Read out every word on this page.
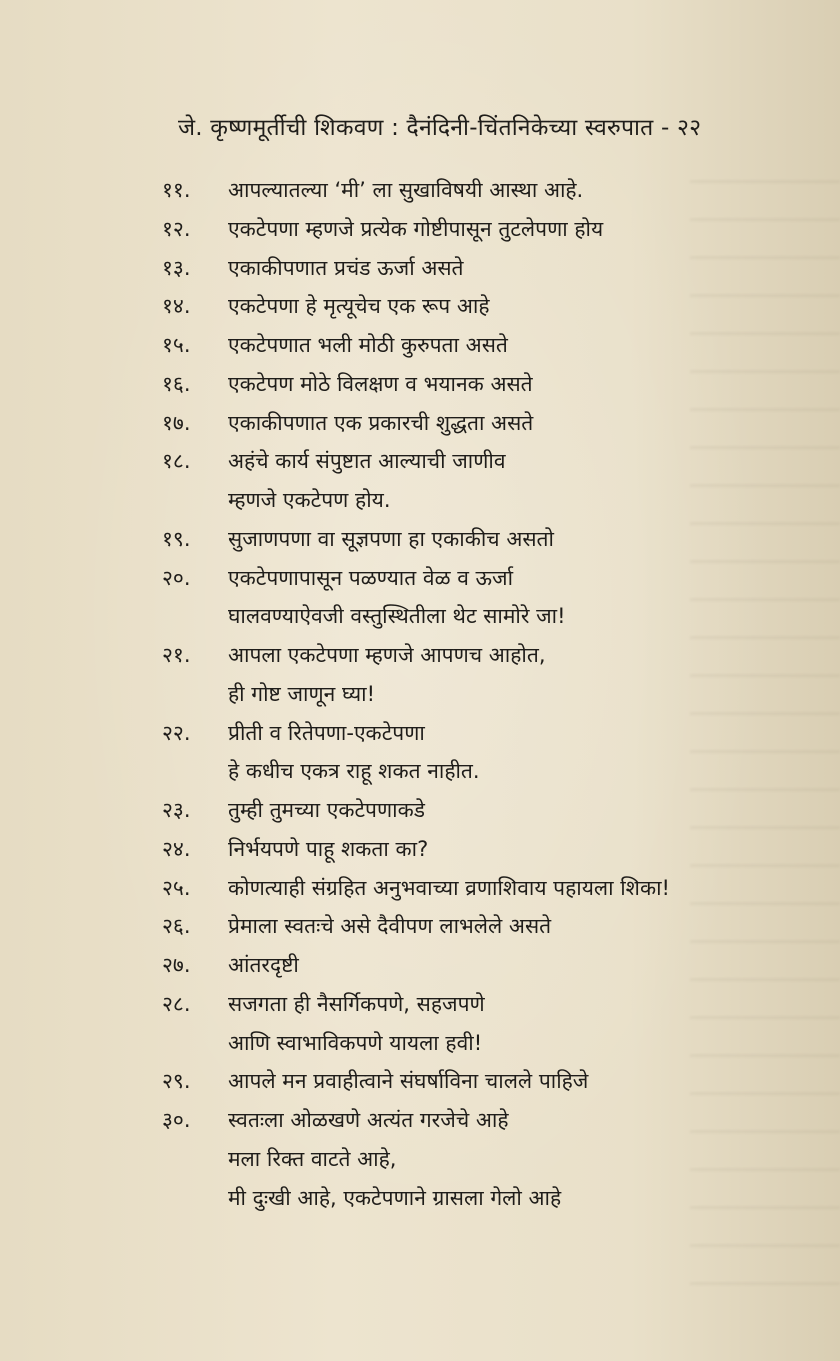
जे. कृष्णमूर्तीची शिकवण : दैनंदिनी-चिंतनिकेच्या स्वरुपात - २२
११. आपल्यातल्या ‘मी’ ला सुखाविषयी आस्था आहे.
१२. एकटेपणा म्हणजे प्रत्येक गोष्टीपासून तुटलेपणा होय
१३. एकाकीपणात प्रचंड ऊर्जा असते
१४. एकटेपणा हे मृत्यूचेच एक रूप आहे
१५. एकटेपणात भली मोठी कुरुपता असते
१६. एकटेपण मोठे विलक्षण व भयानक असते
१७. एकाकीपणात एक प्रकारची शुद्धता असते
१८. अहंचे कार्य संपुष्टात आल्याची जाणीव
म्हणजे एकटेपण होय.
१९. सुजाणपणा वा सूज्ञपणा हा एकाकीच असतो
२०. एकटेपणापासून पळण्यात वेळ व ऊर्जा
घालवण्याऐवजी वस्तुस्थितीला थेट सामोरे जा!
२१. आपला एकटेपणा म्हणजे आपणच आहोत,
ही गोष्ट जाणून घ्या!
२२. प्रीती व रितेपणा-एकटेपणा
हे कधीच एकत्र राहू शकत नाहीत.
२३. तुम्ही तुमच्या एकटेपणाकडे
२४. निर्भयपणे पाहू शकता का?
२५. कोणत्याही संग्रहित अनुभवाच्या व्रणाशिवाय पहायला शिका!
२६. प्रेमाला स्वतःचे असे दैवीपण लाभलेले असते
२७. आंतरदृष्टी
२८. सजगता ही नैसर्गिकपणे, सहजपणे
आणि स्वाभाविकपणे यायला हवी!
२९. आपले मन प्रवाहीत्वाने संघर्षाविना चालले पाहिजे
३०. स्वतःला ओळखणे अत्यंत गरजेचे आहे
मला रिक्त वाटते आहे,
मी दुःखी आहे, एकटेपणाने ग्रासला गेलो आहे
